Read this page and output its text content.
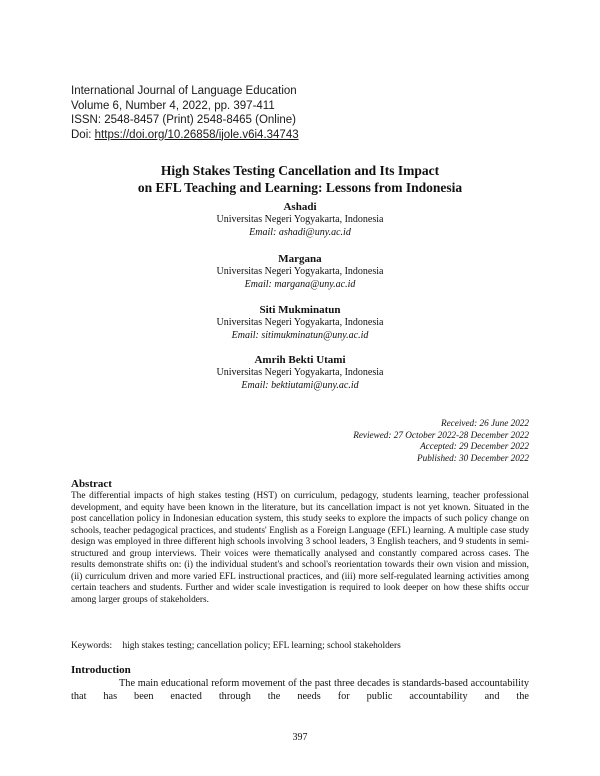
International Journal of Language Education
Volume 6, Number 4, 2022, pp. 397-411
ISSN: 2548-8457 (Print) 2548-8465 (Online)
Doi: https://doi.org/10.26858/ijole.v6i4.34743
High Stakes Testing Cancellation and Its Impact
on EFL Teaching and Learning: Lessons from Indonesia
Ashadi
Universitas Negeri Yogyakarta, Indonesia
Email: ashadi@uny.ac.id
Margana
Universitas Negeri Yogyakarta, Indonesia
Email: margana@uny.ac.id
Siti Mukminatun
Universitas Negeri Yogyakarta, Indonesia
Email: sitimukminatun@uny.ac.id
Amrih Bekti Utami
Universitas Negeri Yogyakarta, Indonesia
Email: bektiutami@uny.ac.id
Received: 26 June 2022
Reviewed: 27 October 2022-28 December 2022
Accepted: 29 December 2022
Published: 30 December 2022
Abstract
The differential impacts of high stakes testing (HST) on curriculum, pedagogy, students learning, teacher professional development, and equity have been known in the literature, but its cancellation impact is not yet known. Situated in the post cancellation policy in Indonesian education system, this study seeks to explore the impacts of such policy change on schools, teacher pedagogical practices, and students' English as a Foreign Language (EFL) learning. A multiple case study design was employed in three different high schools involving 3 school leaders, 3 English teachers, and 9 students in semi-structured and group interviews. Their voices were thematically analysed and constantly compared across cases. The results demonstrate shifts on: (i) the individual student's and school's reorientation towards their own vision and mission, (ii) curriculum driven and more varied EFL instructional practices, and (iii) more self-regulated learning activities among certain teachers and students. Further and wider scale investigation is required to look deeper on how these shifts occur among larger groups of stakeholders.
Keywords: high stakes testing; cancellation policy; EFL learning; school stakeholders
Introduction
The main educational reform movement of the past three decades is standards-based accountability that has been enacted through the needs for public accountability and the
397
